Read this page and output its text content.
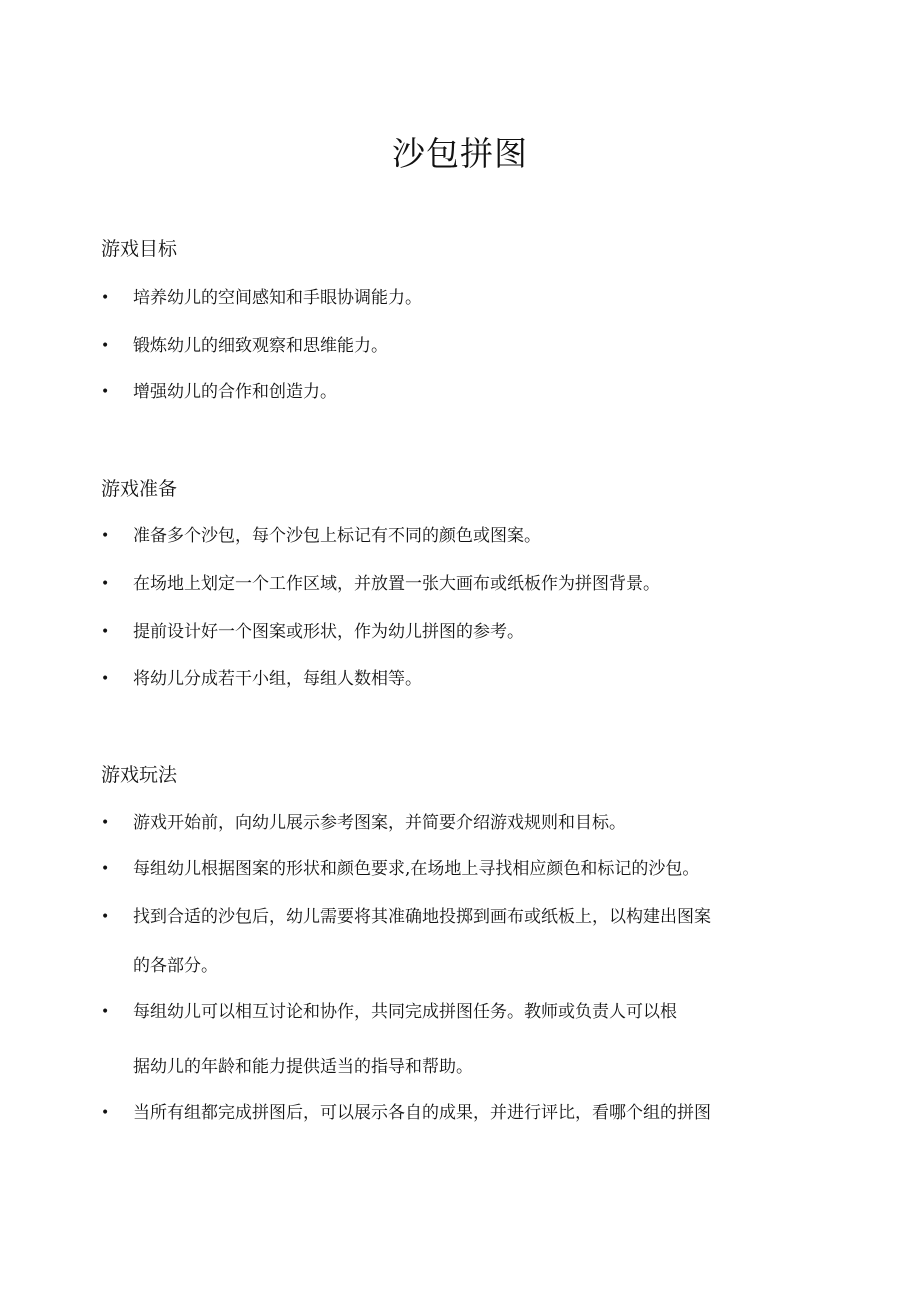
沙包拼图
游戏目标
• 培养幼儿的空间感知和手眼协调能力。
• 锻炼幼儿的细致观察和思维能力。
• 增强幼儿的合作和创造力。
游戏准备
• 准备多个沙包，每个沙包上标记有不同的颜色或图案。
• 在场地上划定一个工作区域，并放置一张大画布或纸板作为拼图背景。
• 提前设计好一个图案或形状，作为幼儿拼图的参考。
• 将幼儿分成若干小组，每组人数相等。
游戏玩法
• 游戏开始前，向幼儿展示参考图案，并简要介绍游戏规则和目标。
• 每组幼儿根据图案的形状和颜色要求,在场地上寻找相应颜色和标记的沙包。
• 找到合适的沙包后，幼儿需要将其准确地投掷到画布或纸板上，以构建出图案
的各部分。
• 每组幼儿可以相互讨论和协作，共同完成拼图任务。教师或负责人可以根
据幼儿的年龄和能力提供适当的指导和帮助。
• 当所有组都完成拼图后，可以展示各自的成果，并进行评比，看哪个组的拼图
